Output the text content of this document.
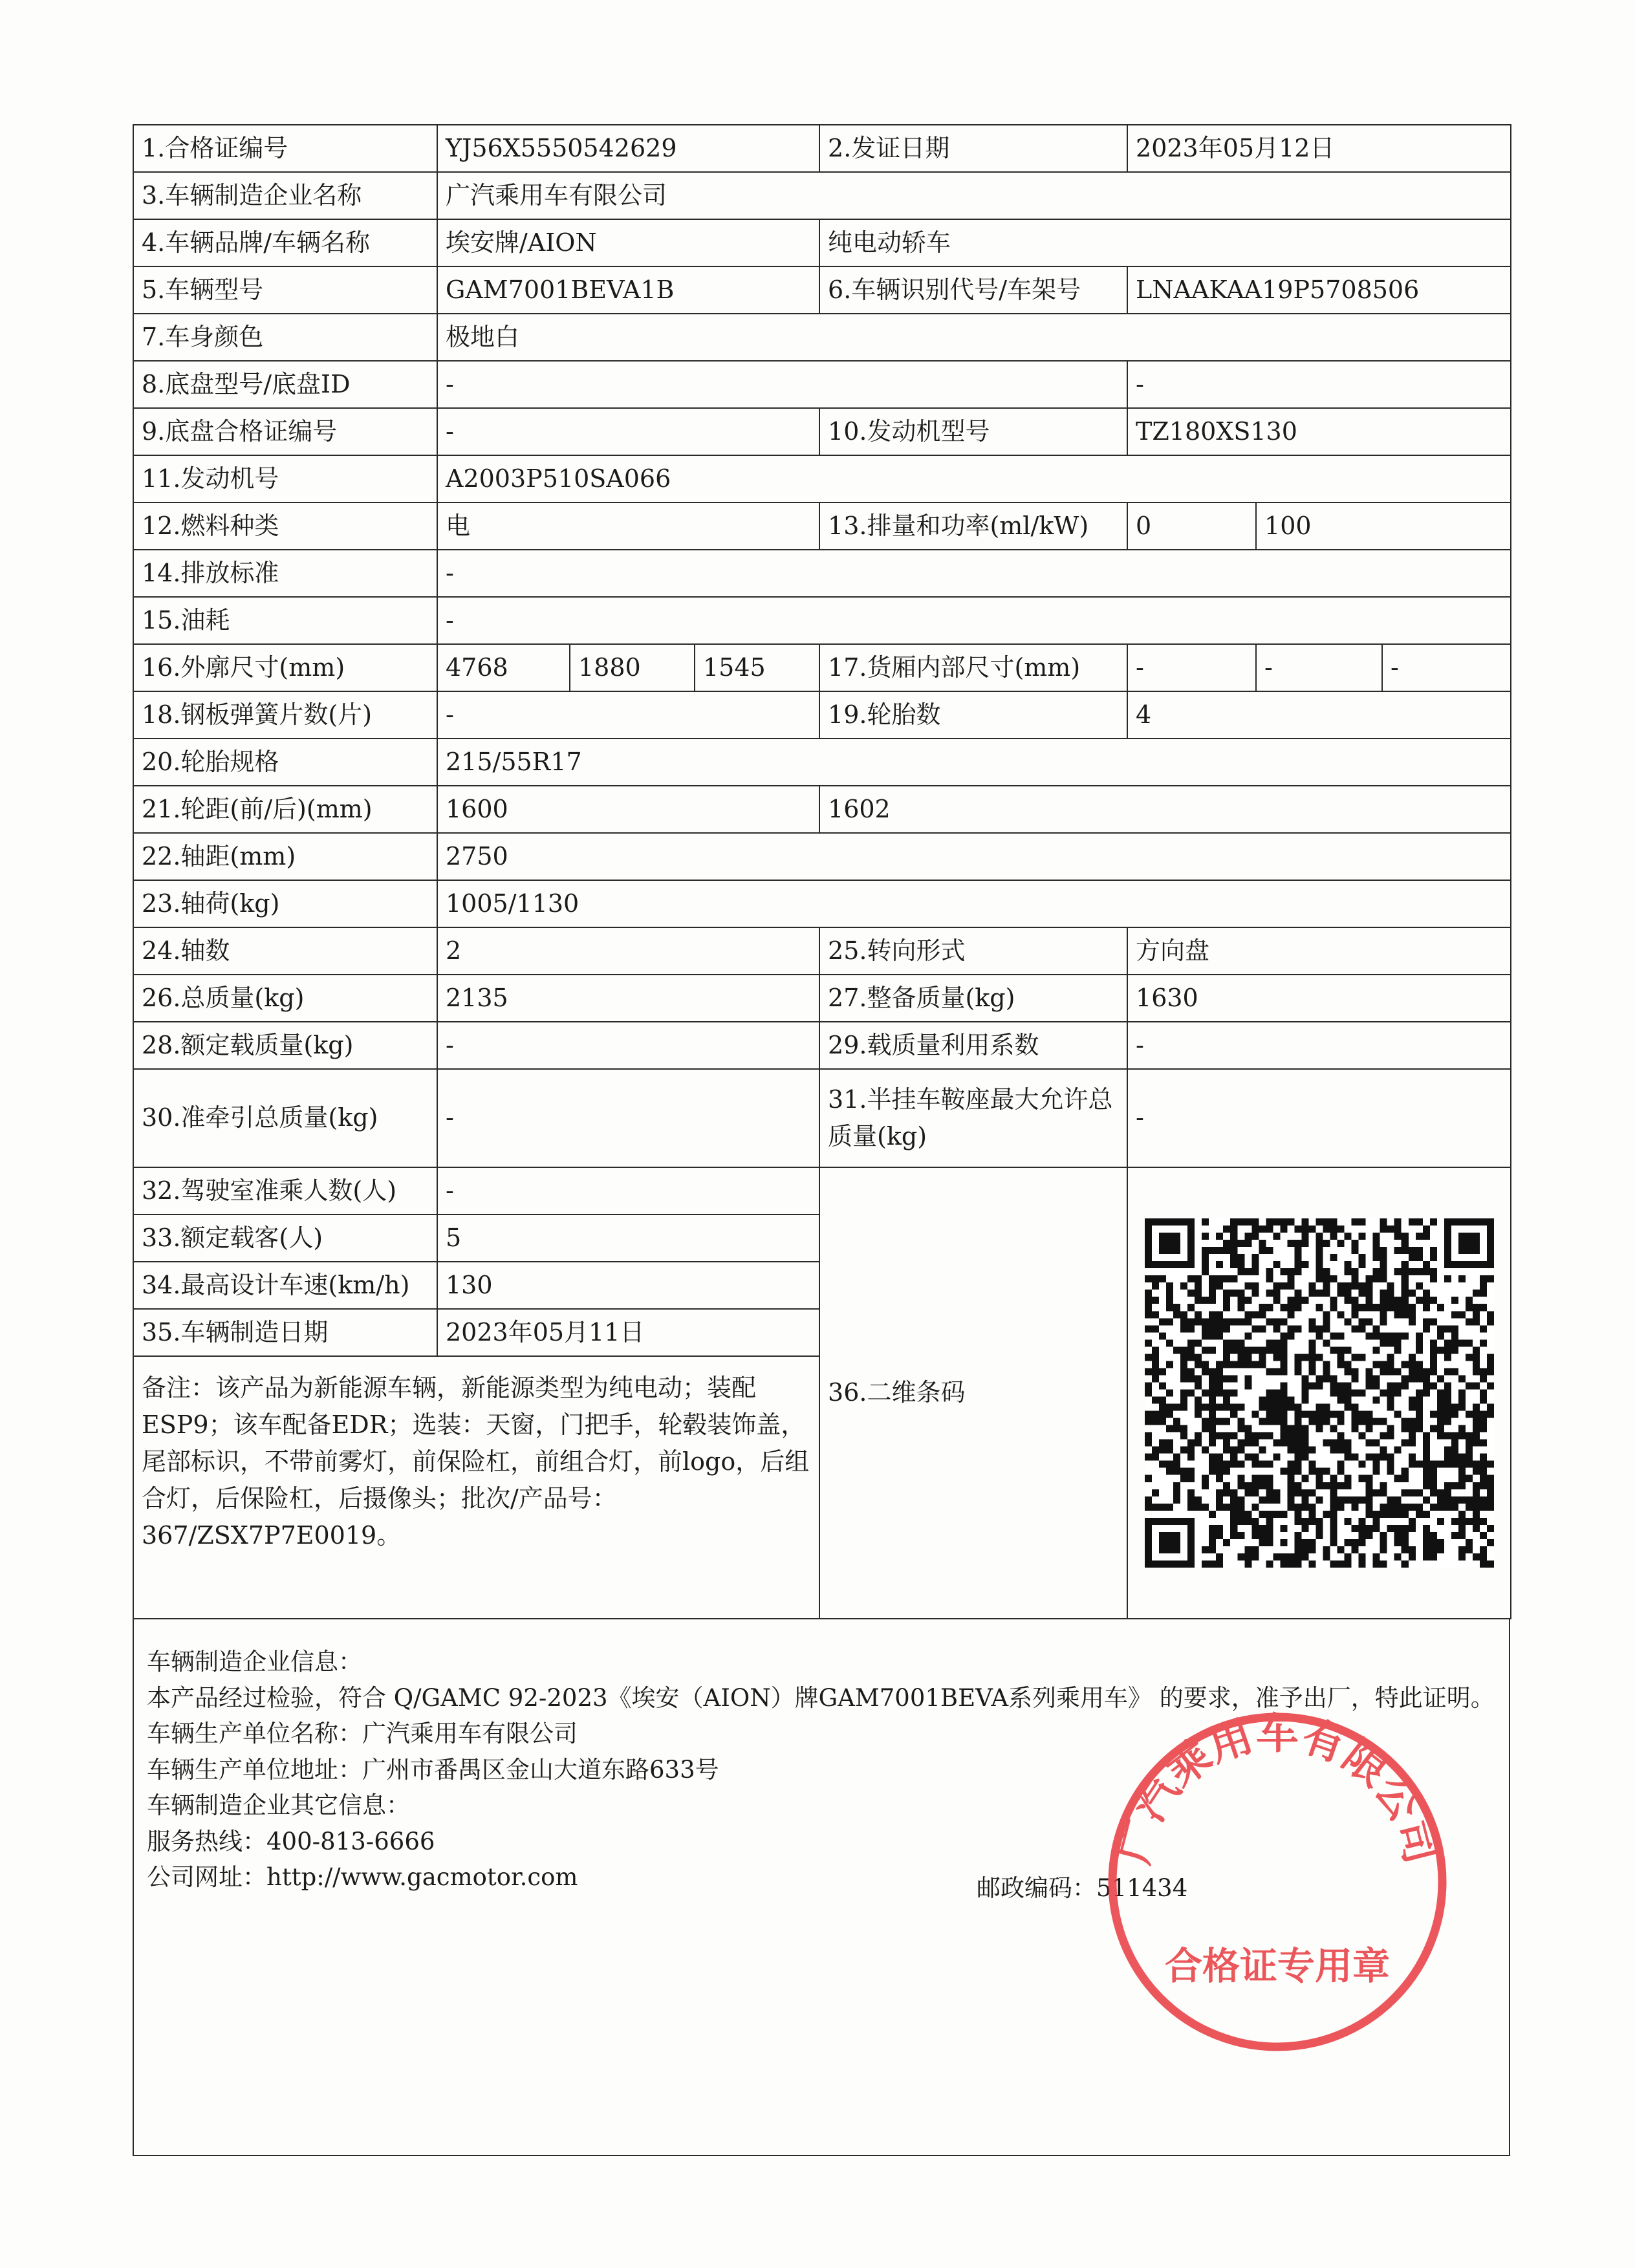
1.合格证编号	YJ56X5550542629			2.发证日期	2023年05月12日		
3.车辆制造企业名称	广汽乘用车有限公司						
4.车辆品牌/车辆名称	埃安牌/AION			纯电动轿车			
5.车辆型号	GAM7001BEVA1B			6.车辆识别代号/车架号	LNAAKAA19P5708506		
7.车身颜色	极地白						
8.底盘型号/底盘ID	-				-		
9.底盘合格证编号	-			10.发动机型号	TZ180XS130		
11.发动机号	A2003P510SA066						
12.燃料种类	电			13.排量和功率(ml/kW)	0	100	
14.排放标准	-						
15.油耗	-						
16.外廓尺寸(mm)	4768	1880	1545	17.货厢内部尺寸(mm)	-	-	-
18.钢板弹簧片数(片)	-			19.轮胎数	4		
20.轮胎规格	215/55R17						
21.轮距(前/后)(mm)	1600			1602			
22.轴距(mm)	2750						
23.轴荷(kg)	1005/1130						
24.轴数	2			25.转向形式	方向盘		
26.总质量(kg)	2135			27.整备质量(kg)	1630		
28.额定载质量(kg)	-			29.载质量利用系数	-		
30.准牵引总质量(kg)	-			31.半挂车鞍座最大允许总质量(kg)	-		
32.驾驶室准乘人数(人)	-			36.二维条码	

33.额定载客(人)	5						
34.最高设计车速(km/h)	130						
35.车辆制造日期	2023年05月11日						
备注：该产品为新能源车辆，新能源类型为纯电动；装配ESP9；该车配备EDR；选装：天窗，门把手，轮毂装饰盖，尾部标识，不带前雾灯，前保险杠，前组合灯，前logo，后组合灯，后保险杠，后摄像头；批次/产品号：367/ZSX7P7E0019。							
车辆制造企业信息：
本产品经过检验，符合 Q/GAMC 92-2023《埃安（AION）牌GAM7001BEVA系列乘用车》 的要求，准予出厂，特此证明。
车辆生产单位名称：广汽乘用车有限公司
车辆生产单位地址：广州市番禺区金山大道东路633号
邮政编码：511434
车辆制造企业其它信息：
服务热线：400-813-6666
公司网址：http://www.gacmotor.com
广汽乘用车有限公司
合格证专用章
